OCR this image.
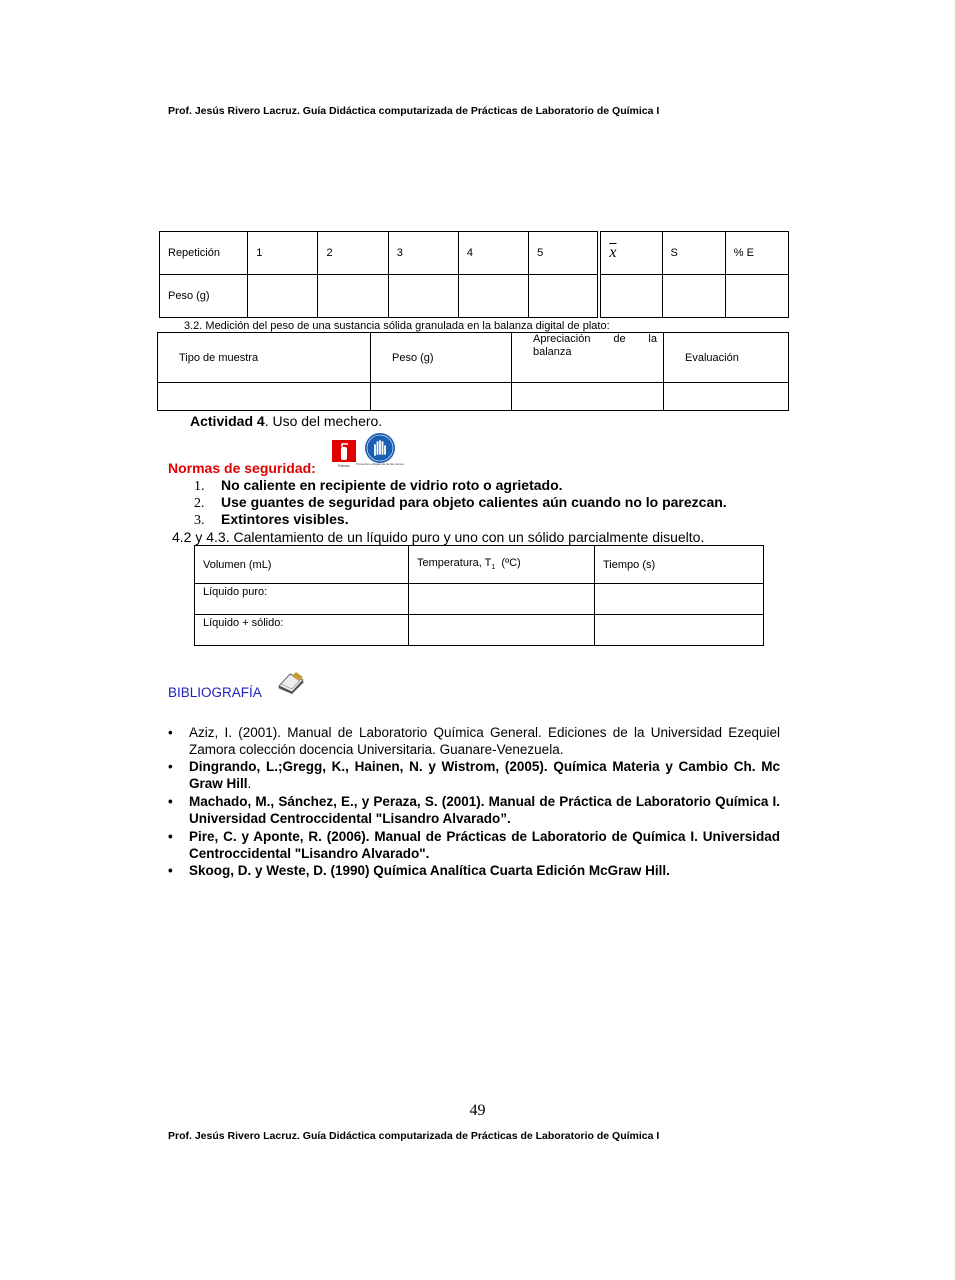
Prof. Jesús Rivero Lacruz. Guía Didáctica computarizada de Prácticas de Laboratorio de Química I
Repetición	1	2	3	4	5	$\overline{x}$	S	% E
Peso (g)								
3.2. Medición del peso de una sustancia sólida granulada en la balanza digital de plato:
Tipo de muestra	Peso (g)	Apreciación de la balanza	Evaluación

Actividad 4. Uso del mechero.
Normas de seguridad:	Extintor Protección obligatoria de las manos
1. No caliente en recipiente de vidrio roto o agrietado.
2. Use guantes de seguridad para objeto calientes aún cuando no lo parezcan.
3. Extintores visibles.
4.2 y 4.3. Calentamiento de un líquido puro y uno con un sólido parcialmente disuelto.
Volumen (mL)	Temperatura, $T_1$  (ºC)	Tiempo (s)
Líquido puro:		
Líquido + sólido:		
BIBLIOGRAFÍA
• Aziz, I. (2001). Manual de Laboratorio Química General. Ediciones de la Universidad Ezequiel Zamora colección docencia Universitaria. Guanare-Venezuela.
• Dingrando, L.;Gregg, K., Hainen, N. y Wistrom, (2005). Química Materia y Cambio Ch. Mc Graw Hill.
• Machado, M., Sánchez, E., y Peraza, S. (2001). Manual de Práctica de Laboratorio Química I. Universidad Centroccidental "Lisandro Alvarado”.
• Pire, C. y Aponte, R. (2006). Manual de Prácticas de Laboratorio de Química I. Universidad Centroccidental "Lisandro Alvarado".
• Skoog, D. y Weste, D. (1990) Química Analítica Cuarta Edición McGraw Hill.
49
Prof. Jesús Rivero Lacruz. Guía Didáctica computarizada de Prácticas de Laboratorio de Química I
